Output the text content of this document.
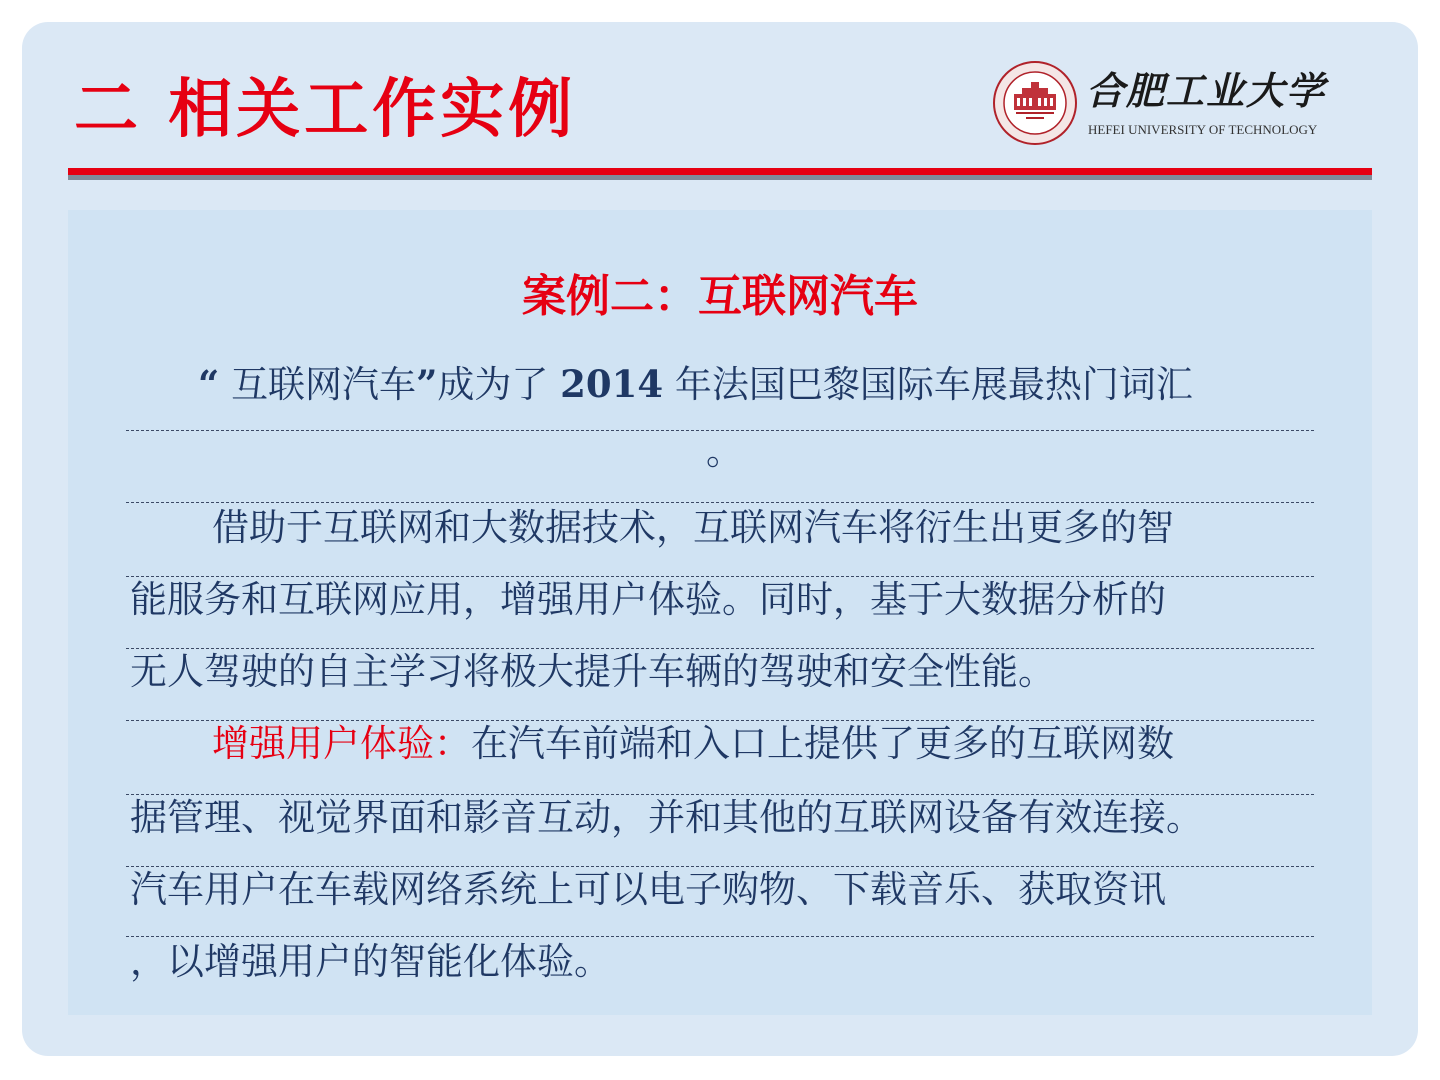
二 相关工作实例	合肥工业大学
HEFEI UNIVERSITY OF TECHNOLOGY
案例二：互联网汽车
“ 互联网汽车”成为了 2014 年法国巴黎国际车展最热门词汇
。
借助于互联网和大数据技术，互联网汽车将衍生出更多的智
能服务和互联网应用，增强用户体验。同时，基于大数据分析的
无人驾驶的自主学习将极大提升车辆的驾驶和安全性能。
增强用户体验：在汽车前端和入口上提供了更多的互联网数
据管理、视觉界面和影音互动，并和其他的互联网设备有效连接。
汽车用户在车载网络系统上可以电子购物、下载音乐、获取资讯
，以增强用户的智能化体验。
